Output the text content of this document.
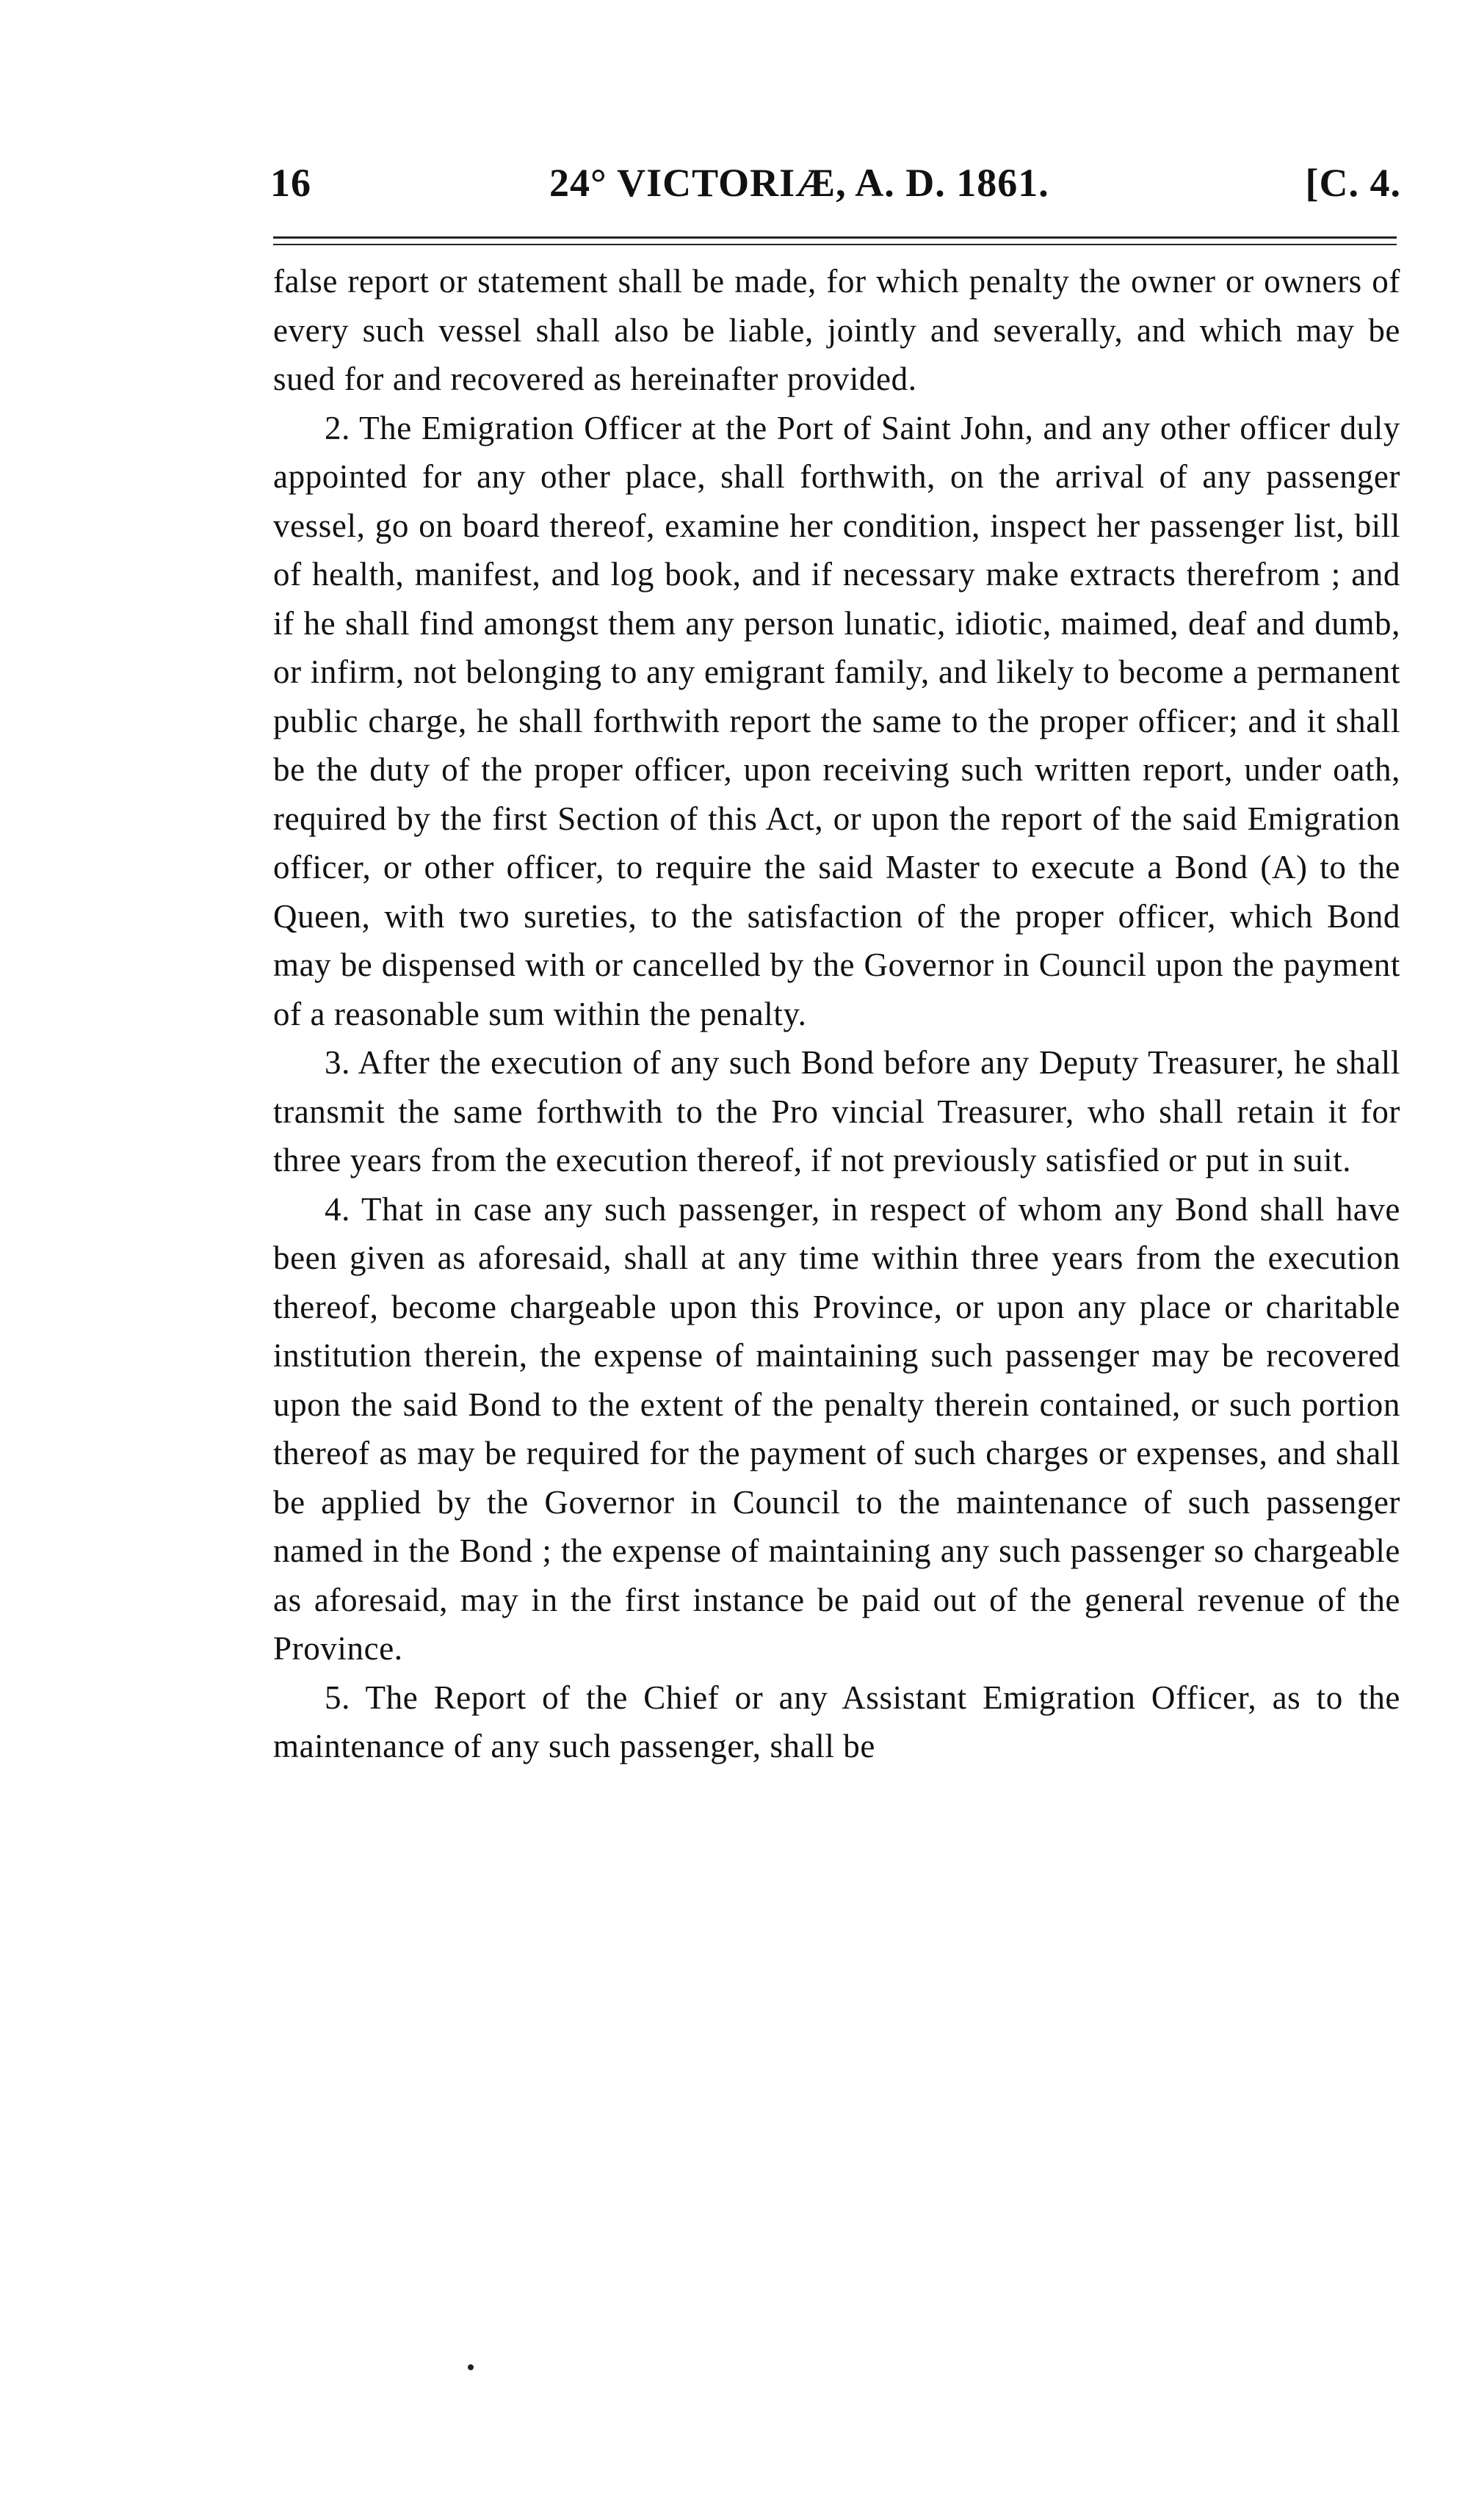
16	24° VICTORIÆ, A. D. 1861.	[C. 4.

false report or statement shall be made, for which penalty the owner or owners of every such vessel shall also be liable, jointly and severally, and which may be sued for and recovered as hereinafter provided.

2. The Emigration Officer at the Port of Saint John, and any other officer duly appointed for any other place, shall forthwith, on the arrival of any passenger vessel, go on board thereof, examine her condition, inspect her passenger list, bill of health, manifest, and log book, and if necessary make extracts therefrom ; and if he shall find amongst them any person lunatic, idiotic, maimed, deaf and dumb, or infirm, not belonging to any emigrant family, and likely to become a permanent public charge, he shall forthwith report the same to the proper officer; and it shall be the duty of the proper officer, upon receiving such written report, under oath, required by the first Section of this Act, or upon the report of the said Emigration officer, or other officer, to require the said Master to execute a Bond (A) to the Queen, with two sureties, to the satisfaction of the proper officer, which Bond may be dispensed with or cancelled by the Governor in Council upon the payment of a reasonable sum within the penalty.

3. After the execution of any such Bond before any Deputy Treasurer, he shall transmit the same forthwith to the Pro vincial Treasurer, who shall retain it for three years from the execution thereof, if not previously satisfied or put in suit.

4. That in case any such passenger, in respect of whom any Bond shall have been given as aforesaid, shall at any time within three years from the execution thereof, become chargeable upon this Province, or upon any place or charitable institution therein, the expense of maintaining such passenger may be recovered upon the said Bond to the extent of the penalty therein contained, or such portion thereof as may be required for the payment of such charges or expenses, and shall be applied by the Governor in Council to the maintenance of such passenger named in the Bond ; the expense of maintaining any such passenger so chargeable as aforesaid, may in the first instance be paid out of the general revenue of the Province.

5. The Report of the Chief or any Assistant Emigration Officer, as to the maintenance of any such passenger, shall be
